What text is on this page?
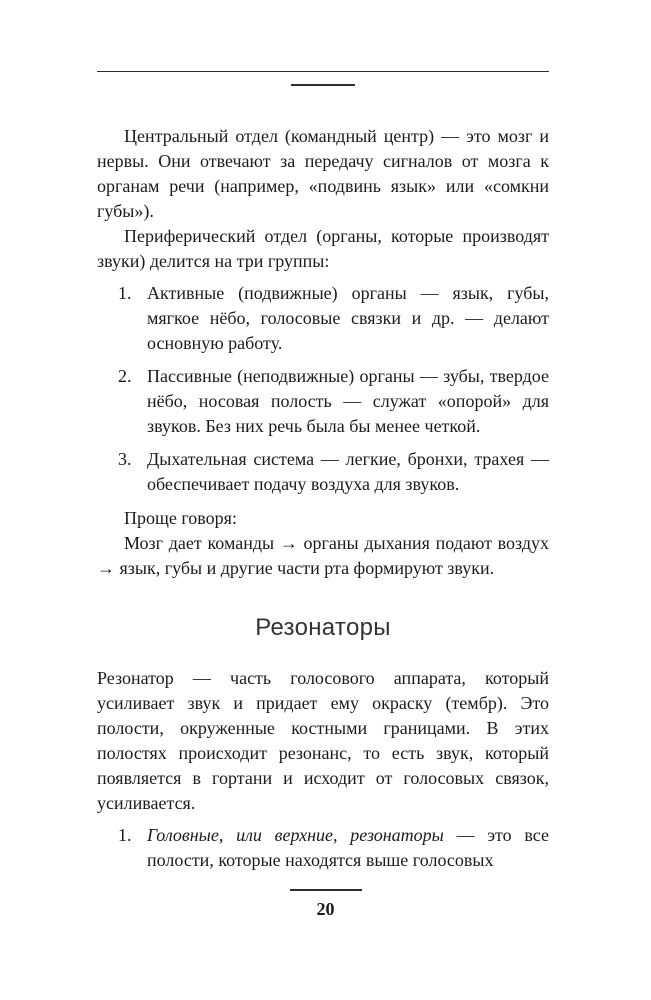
Центральный отдел (командный центр) — это мозг и нервы. Они отвечают за передачу сигналов от мозга к органам речи (например, «подвинь язык» или «сомкни губы»).

Периферический отдел (органы, которые производят звуки) делится на три группы:

1. Активные (подвижные) органы — язык, губы, мягкое нёбо, голосовые связки и др. — делают основную работу.
2. Пассивные (неподвижные) органы — зубы, твердое нёбо, носовая полость — служат «опорой» для звуков. Без них речь была бы менее четкой.
3. Дыхательная система — легкие, бронхи, трахея — обеспечивает подачу воздуха для звуков.

Проще говоря:

Мозг дает команды → органы дыхания подают воздух → язык, губы и другие части рта формируют звуки.

Резонаторы

Резонатор — часть голосового аппарата, который усиливает звук и придает ему окраску (тембр). Это полости, окруженные костными границами. В этих полостях происходит резонанс, то есть звук, который появляется в гортани и исходит от голосовых связок, усиливается.

1. Головные, или верхние, резонаторы — это все полости, которые находятся выше голосовых
20
